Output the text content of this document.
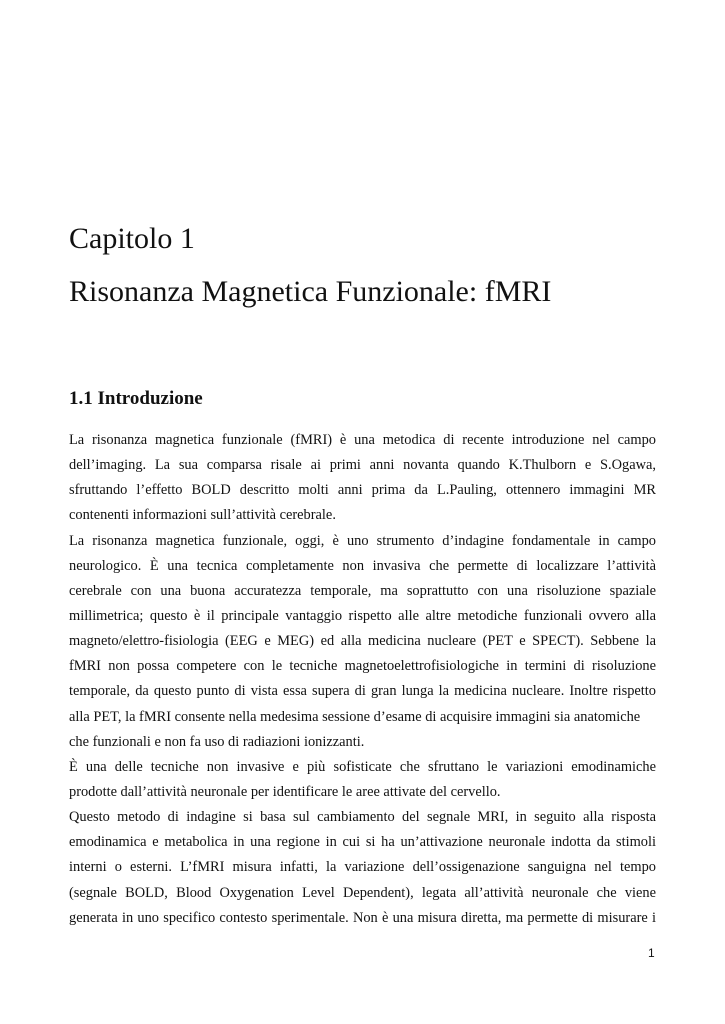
Capitolo 1
Risonanza Magnetica Funzionale: fMRI
1.1 Introduzione
La risonanza magnetica funzionale (fMRI) è una metodica di recente introduzione nel campo
dell’imaging. La sua comparsa risale ai primi anni novanta quando K.Thulborn e S.Ogawa,
sfruttando l’effetto BOLD descritto molti anni prima da L.Pauling, ottennero immagini MR
contenenti informazioni sull’attività cerebrale.
La risonanza magnetica funzionale, oggi, è uno strumento d’indagine fondamentale in campo
neurologico. È una tecnica completamente non invasiva che permette di localizzare l’attività
cerebrale con una buona accuratezza temporale, ma soprattutto con una risoluzione spaziale
millimetrica; questo è il principale vantaggio rispetto alle altre metodiche funzionali ovvero alla
magneto/elettro-fisiologia (EEG e MEG) ed alla medicina nucleare (PET e SPECT). Sebbene la
fMRI non possa competere con le tecniche magnetoelettrofisiologiche in termini di risoluzione
temporale, da questo punto di vista essa supera di gran lunga la medicina nucleare. Inoltre rispetto
alla PET, la fMRI consente nella medesima sessione d’esame di acquisire immagini sia anatomiche
che funzionali e non fa uso di radiazioni ionizzanti.
È una delle tecniche non invasive e più sofisticate che sfruttano le variazioni emodinamiche
prodotte dall’attività neuronale per identificare le aree attivate del cervello.
Questo metodo di indagine si basa sul cambiamento del segnale MRI, in seguito alla risposta
emodinamica e metabolica in una regione in cui si ha un’attivazione neuronale indotta da stimoli
interni o esterni. L’fMRI misura infatti, la variazione dell’ossigenazione sanguigna nel tempo
(segnale BOLD, Blood Oxygenation Level Dependent), legata all’attività neuronale che viene
generata in uno specifico contesto sperimentale. Non è una misura diretta, ma permette di misurare i
1
